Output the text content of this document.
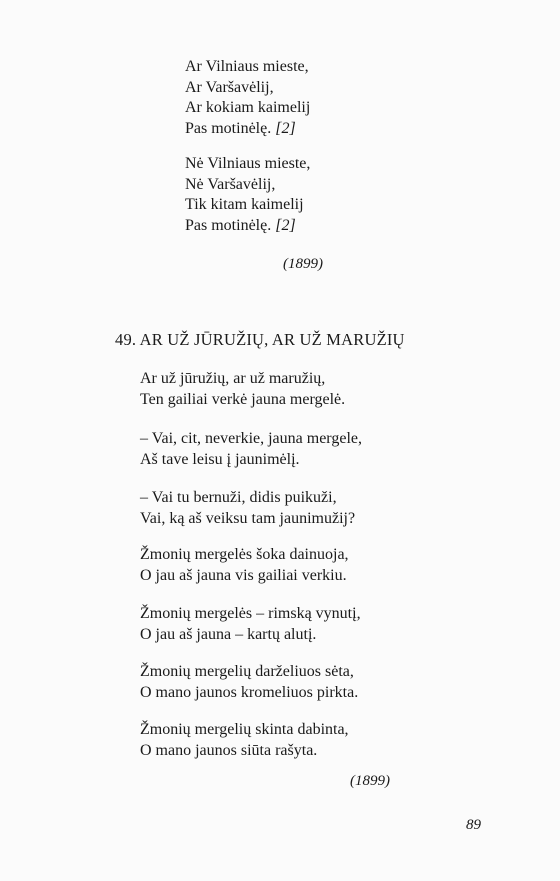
Ar Vilniaus mieste,
Ar Varšavėlij,
Ar kokiam kaimelij
Pas motinėlę. [2]
Nė Vilniaus mieste,
Nė Varšavėlij,
Tik kitam kaimelij
Pas motinėlę. [2]
(1899)
49. AR UŽ JŪRUŽIŲ, AR UŽ MARUŽIŲ
Ar už jūružių, ar už maružių,
Ten gailiai verkė jauna mergelė.
– Vai, cit, neverkie, jauna mergele,
Aš tave leisu į jaunimėlį.
– Vai tu bernuži, didis puikuži,
Vai, ką aš veiksu tam jaunimužij?
Žmonių mergelės šoka dainuoja,
O jau aš jauna vis gailiai verkiu.
Žmonių mergelės – rimską vynutį,
O jau aš jauna – kartų alutį.
Žmonių mergelių darželiuos sėta,
O mano jaunos kromeliuos pirkta.
Žmonių mergelių skinta dabinta,
O mano jaunos siūta rašyta.
(1899)
89
